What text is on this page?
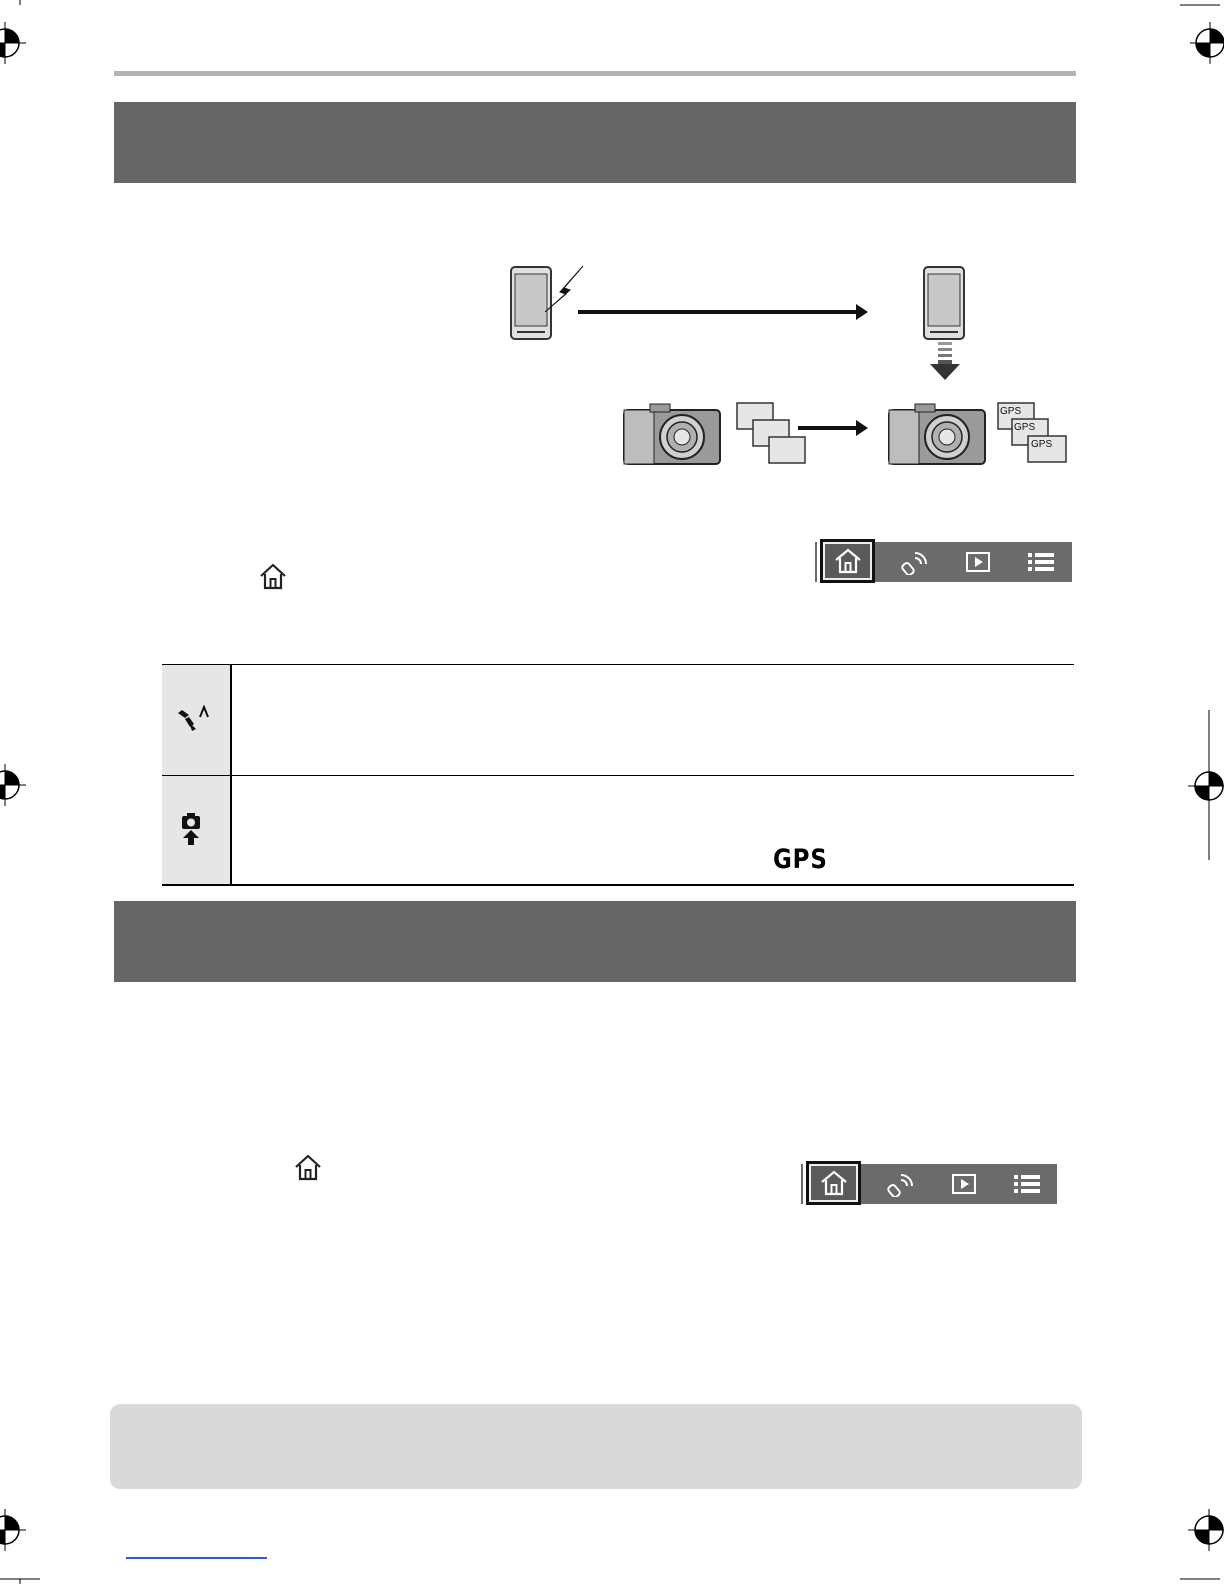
GPS
GPS
GPS
GPS
